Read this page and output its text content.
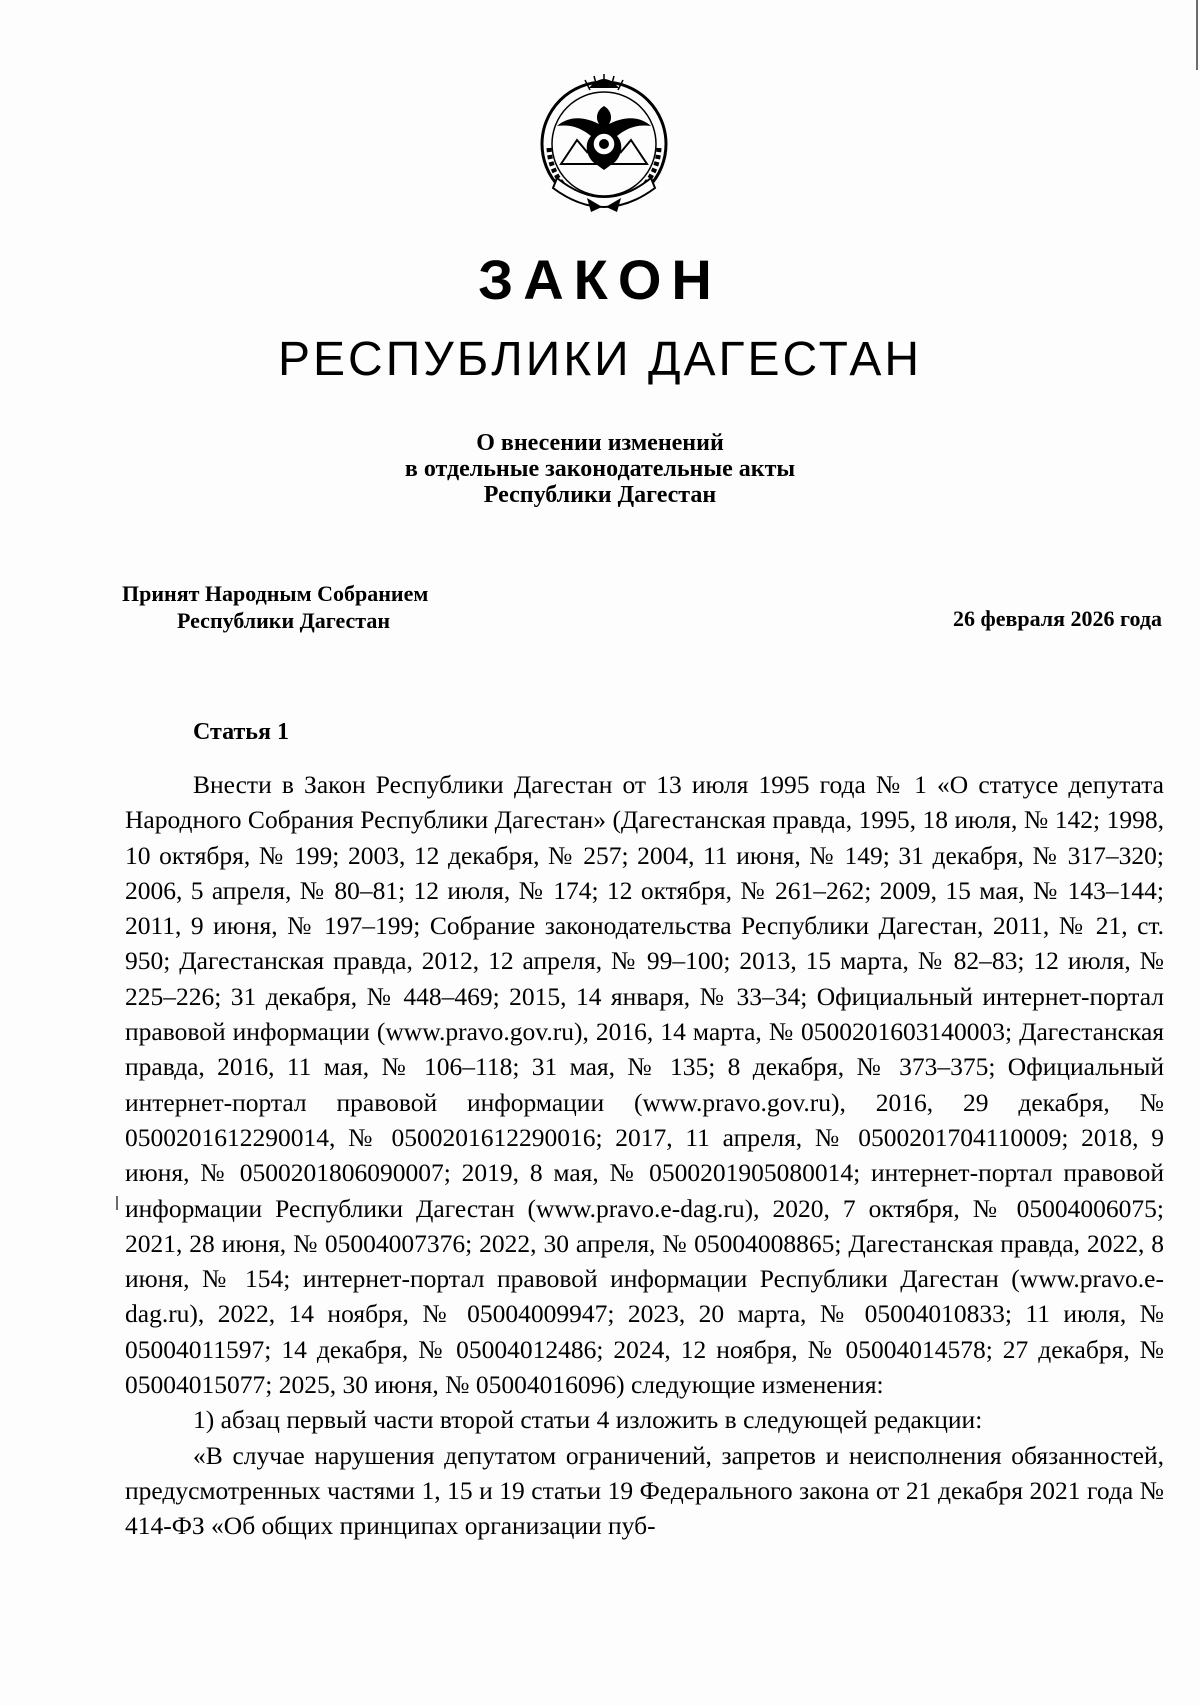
ЗАКОН
РЕСПУБЛИКИ ДАГЕСТАН
О внесении изменений
в отдельные законодательные акты
Республики Дагестан
Принят Народным Собранием
Республики Дагестан	26 февраля 2026 года
Статья 1

Внести в Закон Республики Дагестан от 13 июля 1995 года № 1 «О статусе депутата Народного Собрания Республики Дагестан» (Дагестанская правда, 1995, 18 июля, № 142; 1998, 10 октября, № 199; 2003, 12 декабря, № 257; 2004, 11 июня, № 149; 31 декабря, № 317–320; 2006, 5 апреля, № 80–81; 12 июля, № 174; 12 октября, № 261–262; 2009, 15 мая, № 143–144; 2011, 9 июня, № 197–199; Собрание законодательства Республики Дагестан, 2011, № 21, ст. 950; Дагестанская правда, 2012, 12 апреля, № 99–100; 2013, 15 марта, № 82–83; 12 июля, № 225–226; 31 декабря, № 448–469; 2015, 14 января, № 33–34; Официальный интернет-портал правовой информации (www.pravo.gov.ru), 2016, 14 марта, № 0500201603140003; Дагестанская правда, 2016, 11 мая, № 106–118; 31 мая, № 135; 8 декабря, № 373–375; Официальный интернет-портал правовой информации (www.pravo.gov.ru), 2016, 29 декабря, № 0500201612290014, № 0500201612290016; 2017, 11 апреля, № 0500201704110009; 2018, 9 июня, № 0500201806090007; 2019, 8 мая, № 0500201905080014; интернет-портал правовой информации Республики Дагестан (www.pravo.e-dag.ru), 2020, 7 октября, № 05004006075; 2021, 28 июня, № 05004007376; 2022, 30 апреля, № 05004008865; Дагестанская правда, 2022, 8 июня, № 154; интернет-портал правовой информации Республики Дагестан (www.pravo.e-dag.ru), 2022, 14 ноября, № 05004009947; 2023, 20 марта, № 05004010833; 11 июля, № 05004011597; 14 декабря, № 05004012486; 2024, 12 ноября, № 05004014578; 27 декабря, № 05004015077; 2025, 30 июня, № 05004016096) следующие изменения:

1) абзац первый части второй статьи 4 изложить в следующей редакции:

«В случае нарушения депутатом ограничений, запретов и неисполнения обязанностей, предусмотренных частями 1, 15 и 19 статьи 19 Федерального закона от 21 декабря 2021 года № 414-ФЗ «Об общих принципах организации пуб-
